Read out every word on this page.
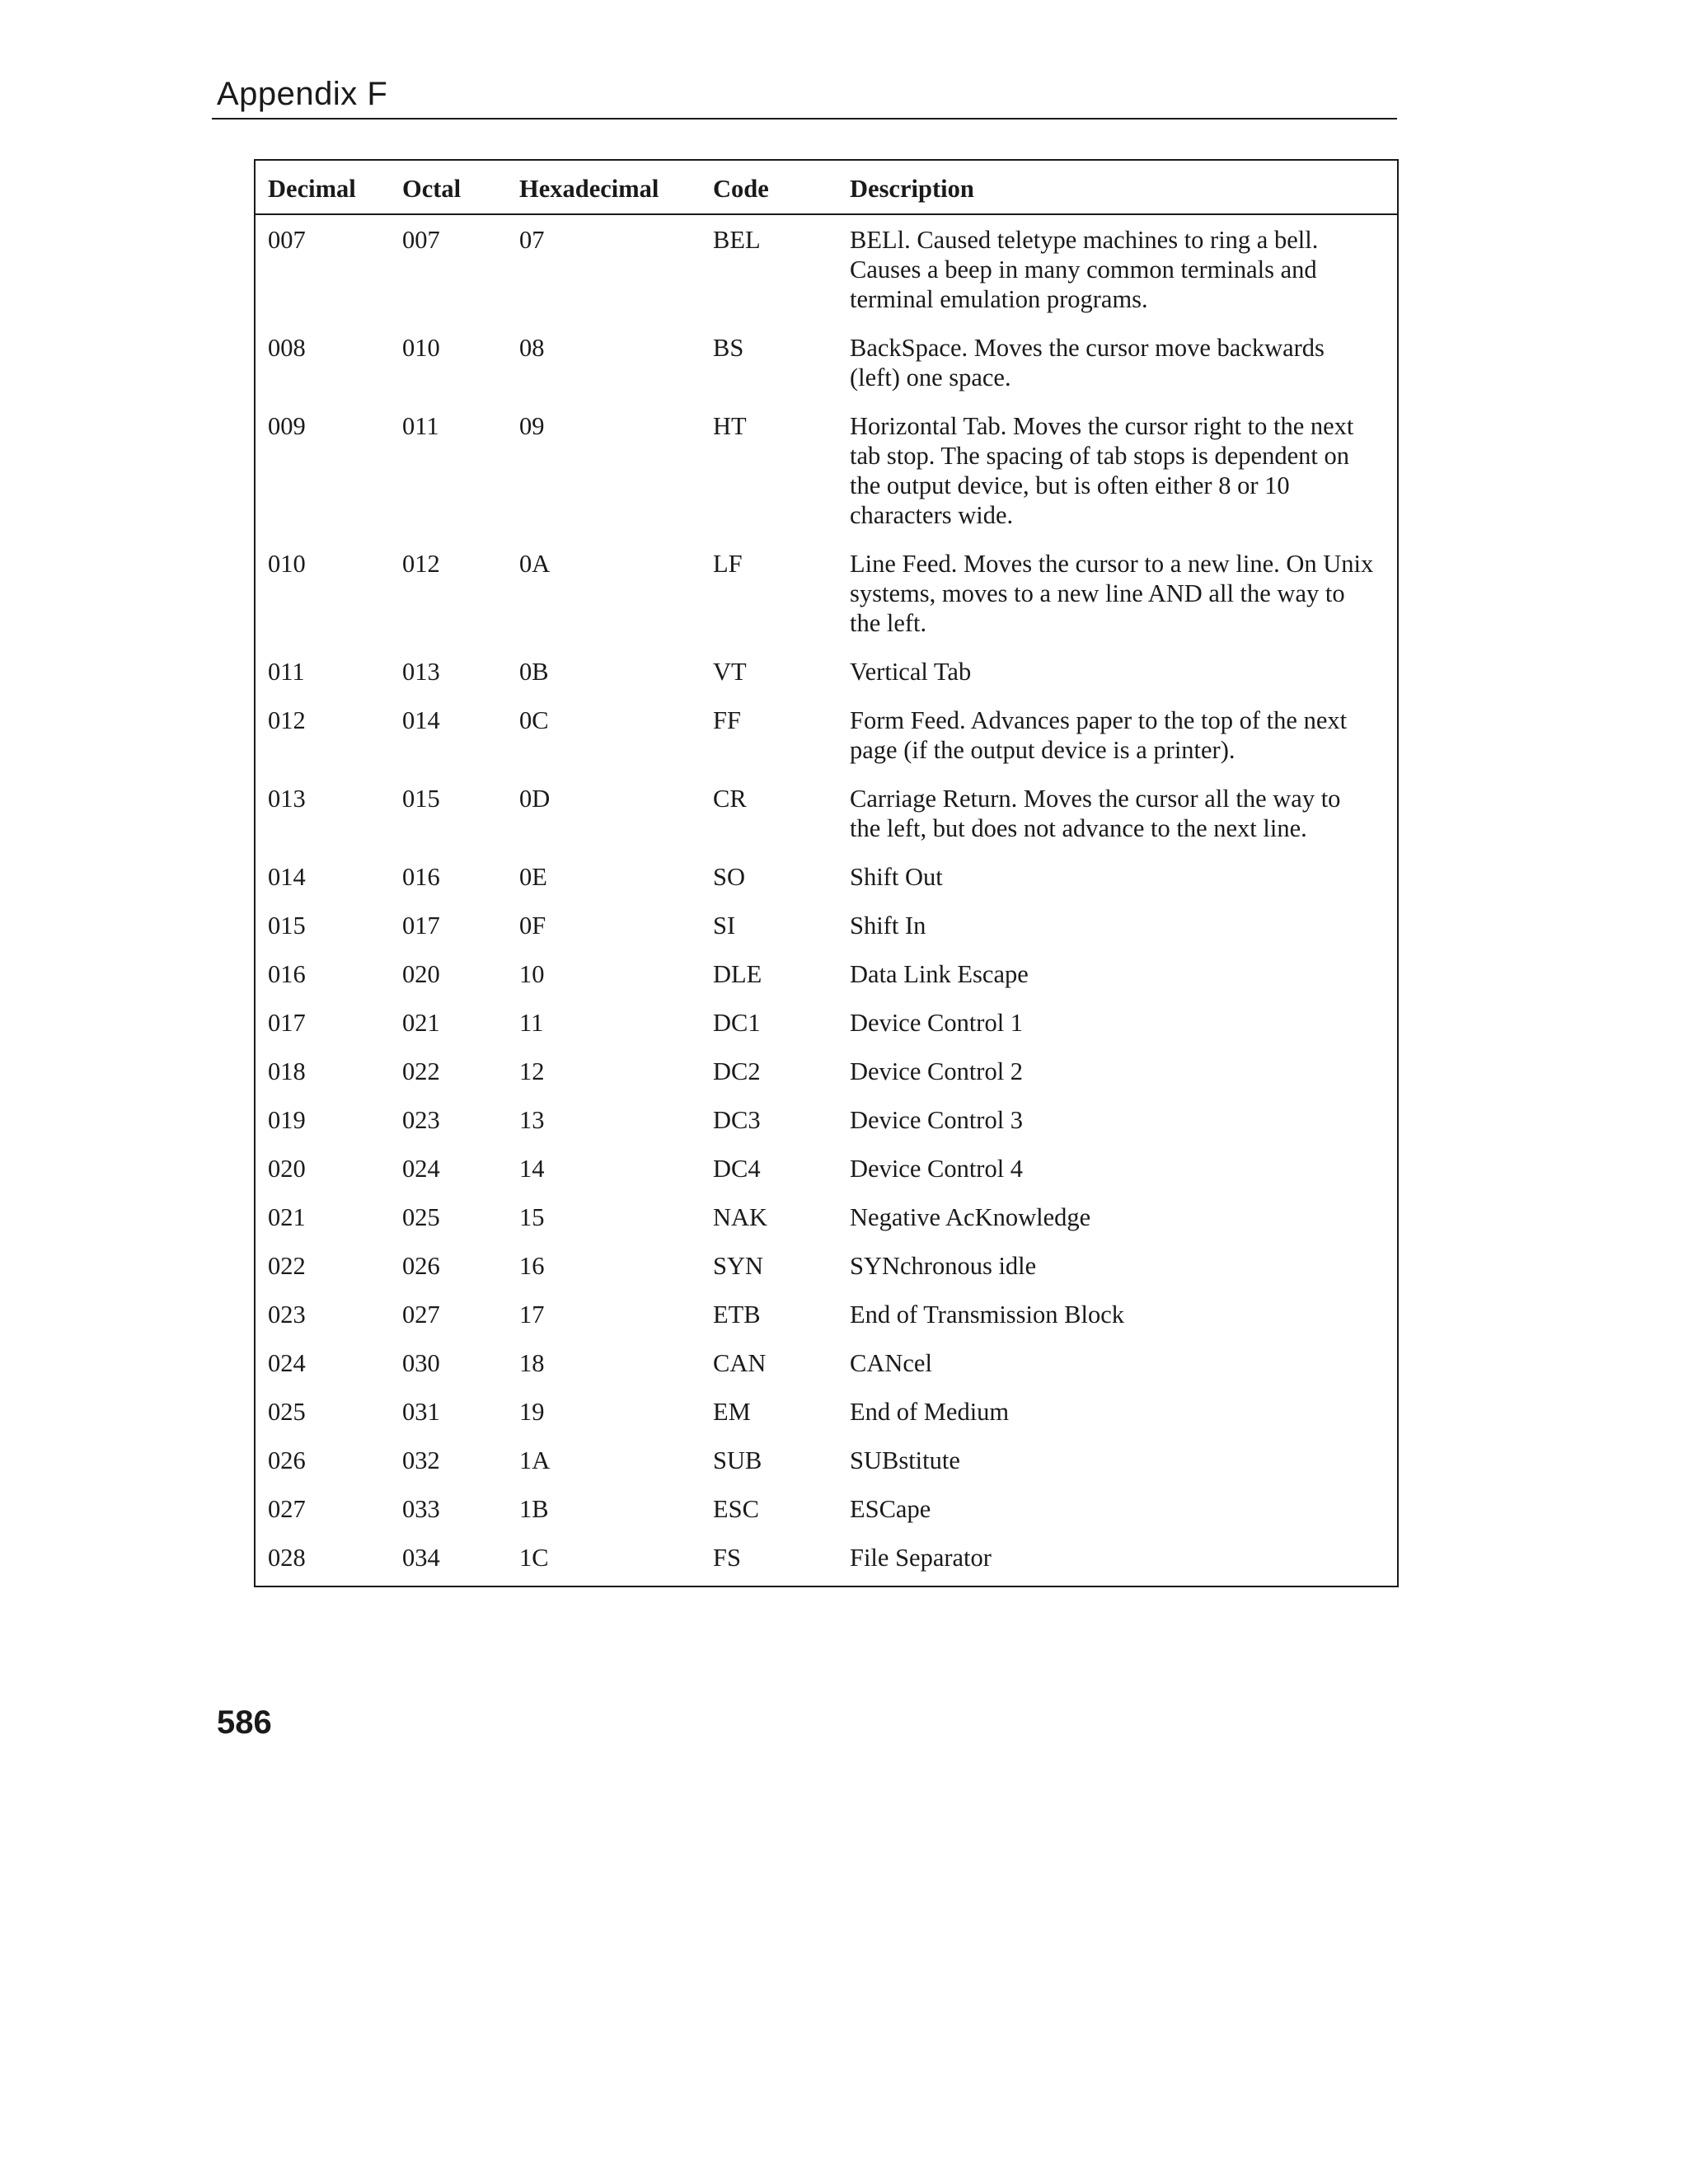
Appendix F
Decimal	Octal	Hexadecimal	Code	Description
007	007	07	BEL	BELl. Caused teletype machines to ring a bell. Causes a beep in many common terminals and terminal emulation programs.
008	010	08	BS	BackSpace. Moves the cursor move backwards (left) one space.
009	011	09	HT	Horizontal Tab. Moves the cursor right to the next tab stop. The spacing of tab stops is dependent on the output device, but is often either 8 or 10 characters wide.
010	012	0A	LF	Line Feed. Moves the cursor to a new line. On Unix systems, moves to a new line AND all the way to the left.
011	013	0B	VT	Vertical Tab
012	014	0C	FF	Form Feed. Advances paper to the top of the next page (if the output device is a printer).
013	015	0D	CR	Carriage Return. Moves the cursor all the way to the left, but does not advance to the next line.
014	016	0E	SO	Shift Out
015	017	0F	SI	Shift In
016	020	10	DLE	Data Link Escape
017	021	11	DC1	Device Control 1
018	022	12	DC2	Device Control 2
019	023	13	DC3	Device Control 3
020	024	14	DC4	Device Control 4
021	025	15	NAK	Negative AcKnowledge
022	026	16	SYN	SYNchronous idle
023	027	17	ETB	End of Transmission Block
024	030	18	CAN	CANcel
025	031	19	EM	End of Medium
026	032	1A	SUB	SUBstitute
027	033	1B	ESC	ESCape
028	034	1C	FS	File Separator
586
